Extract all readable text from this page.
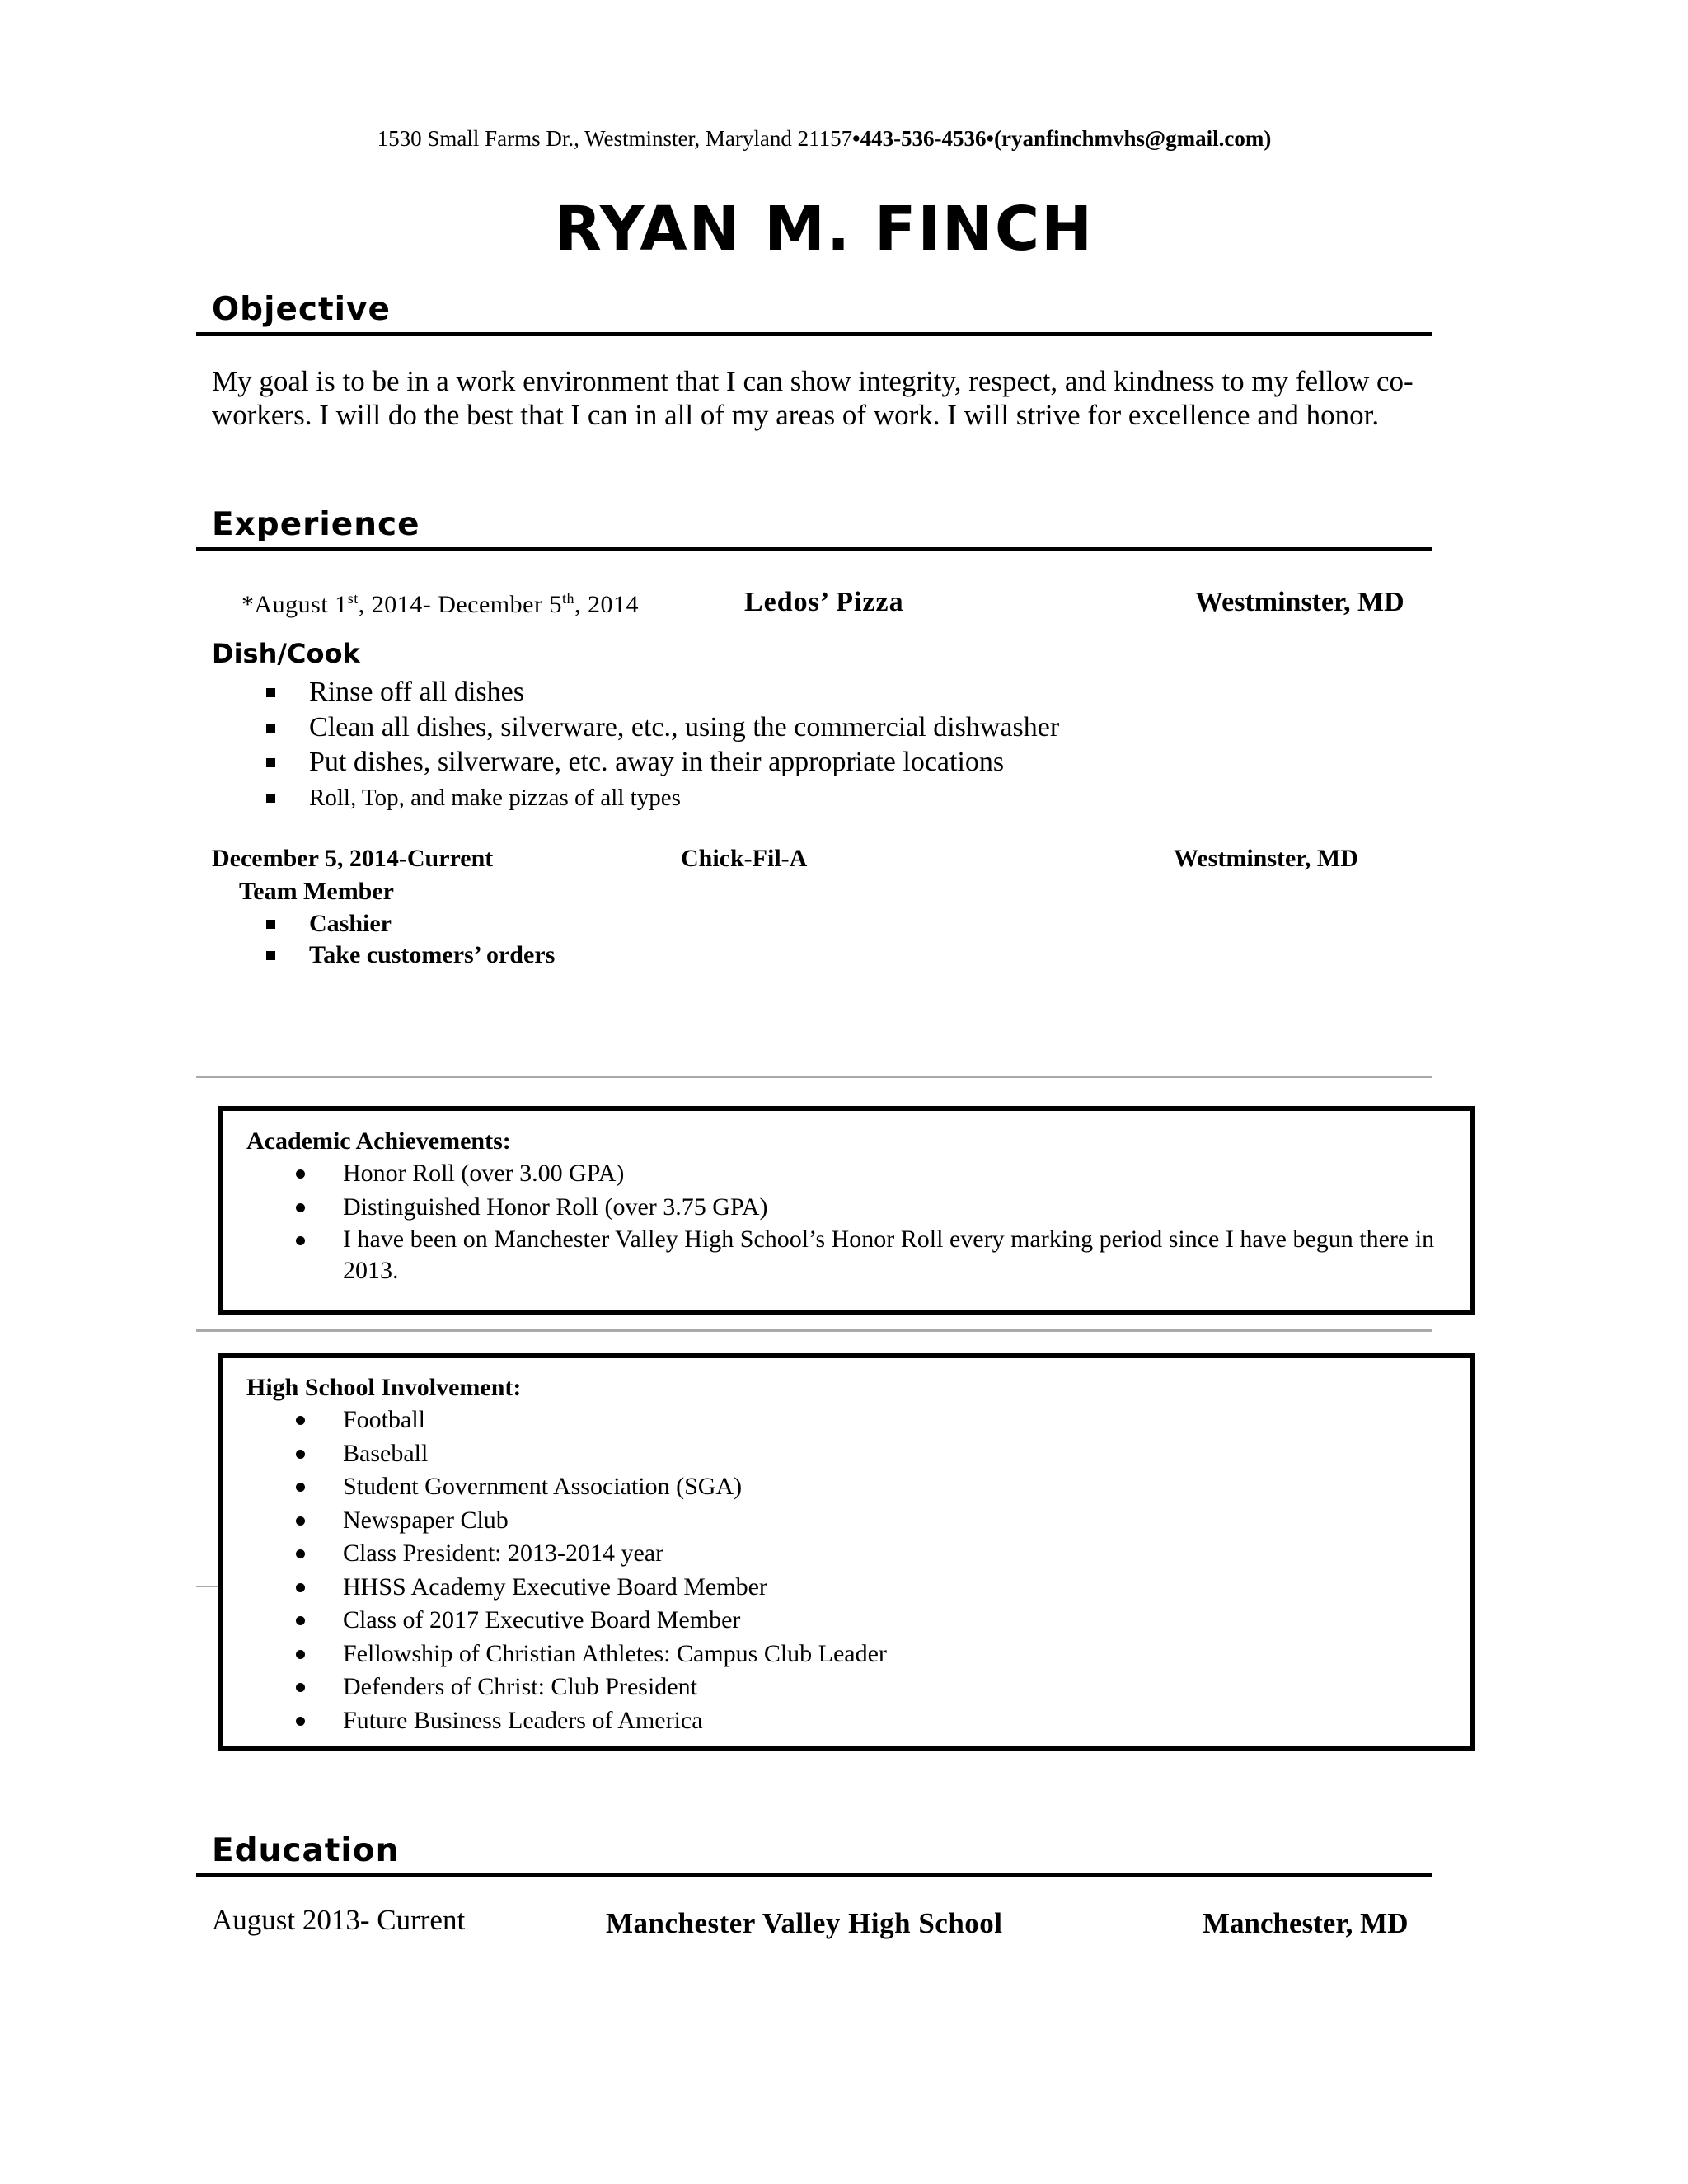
1530 Small Farms Dr., Westminster, Maryland 21157•443-536-4536•(ryanfinchmvhs@gmail.com)
RYAN M. FINCH
Objective
My goal is to be in a work environment that I can show integrity, respect, and kindness to my fellow co-workers. I will do the best that I can in all of my areas of work. I will strive for excellence and honor.
Experience
*August 1st, 2014- December 5th, 2014	Ledos’ Pizza	Westminster, MD
Dish/Cook
Rinse off all dishes
Clean all dishes, silverware, etc., using the commercial dishwasher
Put dishes, silverware, etc. away in their appropriate locations
Roll, Top, and make pizzas of all types
December 5, 2014-Current	Chick-Fil-A	Westminster, MD
Team Member
Cashier
Take customers’ orders
Academic Achievements:
Honor Roll (over 3.00 GPA)
Distinguished Honor Roll (over 3.75 GPA)
I have been on Manchester Valley High School’s Honor Roll every marking period since I have begun there in 2013.
High School Involvement:
Football
Baseball
Student Government Association (SGA)
Newspaper Club
Class President: 2013-2014 year
HHSS Academy Executive Board Member
Class of 2017 Executive Board Member
Fellowship of Christian Athletes: Campus Club Leader
Defenders of Christ: Club President
Future Business Leaders of America
Education
August 2013- Current	Manchester Valley High School	Manchester, MD
